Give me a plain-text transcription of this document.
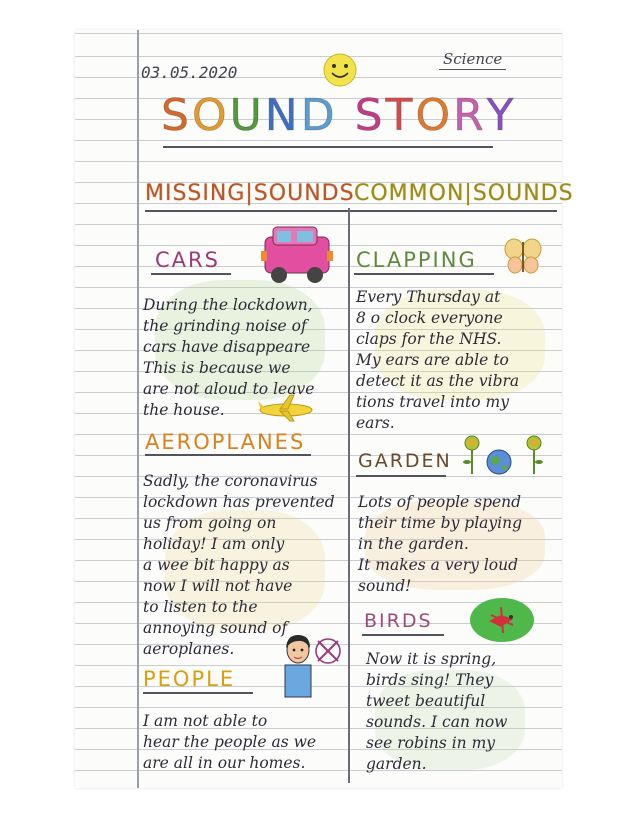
03.05.2020
Science
SOUND STORY
MISSING|SOUNDS COMMON|SOUNDS
CARS
During the lockdown,
the grinding noise of
cars have disappeare
This is because we
are not aloud to leave
the house.
AEROPLANES
Sadly, the coronavirus
lockdown has prevented
us from going on
holiday! I am only
a wee bit happy as
now I will not have
to listen to the
annoying sound of
aeroplanes.
PEOPLE
I am not able to
hear the people as we
are all in our homes.
CLAPPING
Every Thursday at
8 o clock everyone
claps for the NHS.
My ears are able to
detect it as the vibra
tions travel into my
ears.
GARDEN
Lots of people spend
their time by playing
in the garden.
It makes a very loud
sound!
BIRDS
Now it is spring,
birds sing! They
tweet beautiful
sounds. I can now
see robins in my
garden.
